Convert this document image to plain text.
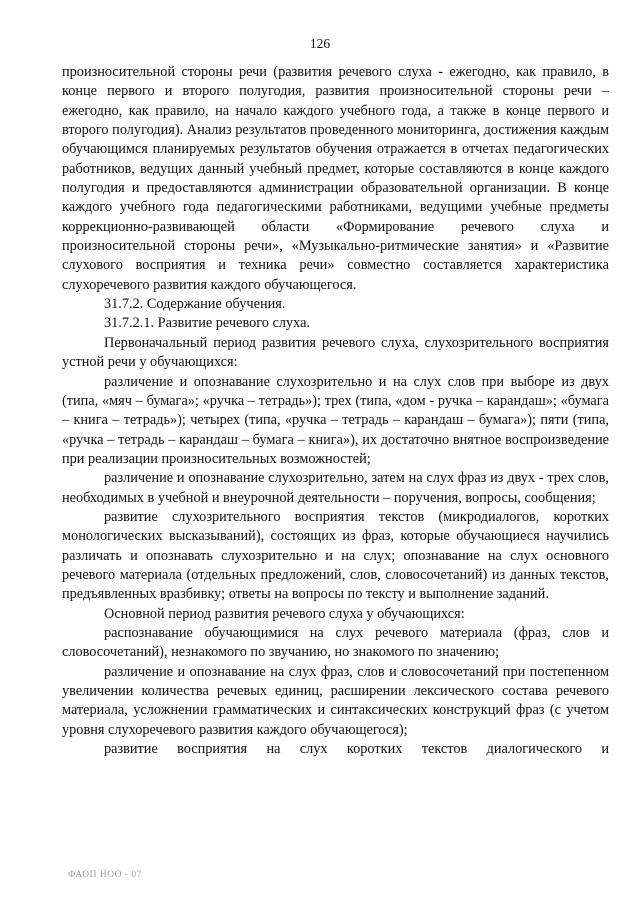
126

произносительной стороны речи (развития речевого слуха - ежегодно, как правило, в конце первого и второго полугодия, развития произносительной стороны речи – ежегодно, как правило, на начало каждого учебного года, а также в конце первого и второго полугодия). Анализ результатов проведенного мониторинга, достижения каждым обучающимся планируемых результатов обучения отражается в отчетах педагогических работников, ведущих данный учебный предмет, которые составляются в конце каждого полугодия и предоставляются администрации образовательной организации. В конце каждого учебного года педагогическими работниками, ведущими учебные предметы коррекционно-развивающей области «Формирование речевого слуха и произносительной стороны речи», «Музыкально-ритмические занятия» и «Развитие слухового восприятия и техника речи» совместно составляется характеристика слухоречевого развития каждого обучающегося.

31.7.2. Содержание обучения.

31.7.2.1. Развитие речевого слуха.

Первоначальный период развития речевого слуха, слухозрительного восприятия устной речи у обучающихся:

различение и опознавание слухозрительно и на слух слов при выборе из двух (типа, «мяч – бумага»; «ручка – тетрадь»); трех (типа, «дом - ручка – карандаш»; «бумага – книга – тетрадь»); четырех (типа, «ручка – тетрадь – карандаш – бумага»); пяти (типа, «ручка – тетрадь – карандаш – бумага – книга»), их достаточно внятное воспроизведение при реализации произносительных возможностей;

различение и опознавание слухозрительно, затем на слух фраз из двух - трех слов, необходимых в учебной и внеурочной деятельности – поручения, вопросы, сообщения;

развитие слухозрительного восприятия текстов (микродиалогов, коротких монологических высказываний), состоящих из фраз, которые обучающиеся научились различать и опознавать слухозрительно и на слух; опознавание на слух основного речевого материала (отдельных предложений, слов, словосочетаний) из данных текстов, предъявленных вразбивку; ответы на вопросы по тексту и выполнение заданий.

Основной период развития речевого слуха у обучающихся:

распознавание обучающимися на слух речевого материала (фраз, слов и словосочетаний), незнакомого по звучанию, но знакомого по значению;

различение и опознавание на слух фраз, слов и словосочетаний при постепенном увеличении количества речевых единиц, расширении лексического состава речевого материала, усложнении грамматических и синтаксических конструкций фраз (с учетом уровня слухоречевого развития каждого обучающегося);

развитие восприятия на слух коротких текстов диалогического и

ФАОП НОО - 07
